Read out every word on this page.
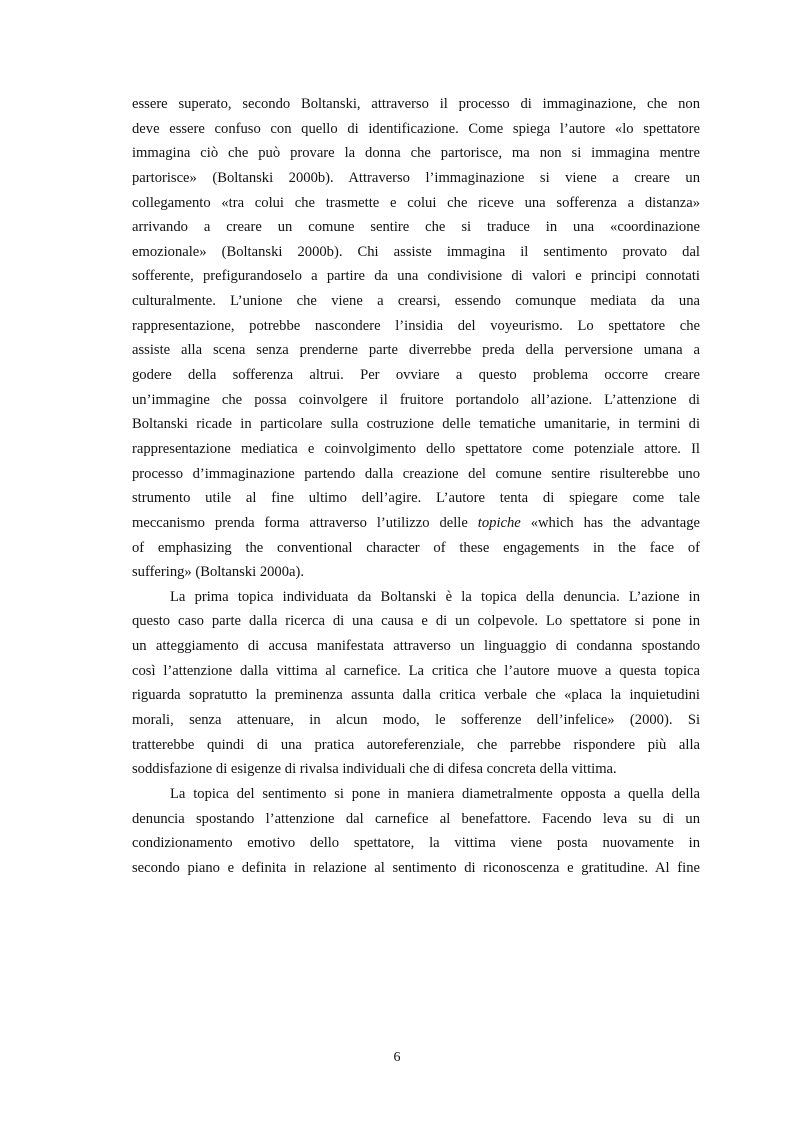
essere superato, secondo Boltanski, attraverso il processo di immaginazione, che non
deve essere confuso con quello di identificazione. Come spiega l’autore «lo spettatore
immagina ciò che può provare la donna che partorisce, ma non si immagina mentre
partorisce» (Boltanski 2000b). Attraverso l’immaginazione si viene a creare un
collegamento «tra colui che trasmette e colui che riceve una sofferenza a distanza»
arrivando a creare un comune sentire che si traduce in una «coordinazione
emozionale» (Boltanski 2000b). Chi assiste immagina il sentimento provato dal
sofferente, prefigurandoselo a partire da una condivisione di valori e principi connotati
culturalmente. L’unione che viene a crearsi, essendo comunque mediata da una
rappresentazione, potrebbe nascondere l’insidia del voyeurismo. Lo spettatore che
assiste alla scena senza prenderne parte diverrebbe preda della perversione umana a
godere della sofferenza altrui. Per ovviare a questo problema occorre creare
un’immagine che possa coinvolgere il fruitore portandolo all’azione. L’attenzione di
Boltanski ricade in particolare sulla costruzione delle tematiche umanitarie, in termini di
rappresentazione mediatica e coinvolgimento dello spettatore come potenziale attore. Il
processo d’immaginazione partendo dalla creazione del comune sentire risulterebbe uno
strumento utile al fine ultimo dell’agire. L’autore tenta di spiegare come tale
meccanismo prenda forma attraverso l’utilizzo delle topiche «which has the advantage
of emphasizing the conventional character of these engagements in the face of
suffering» (Boltanski 2000a).
La prima topica individuata da Boltanski è la topica della denuncia. L’azione in
questo caso parte dalla ricerca di una causa e di un colpevole. Lo spettatore si pone in
un atteggiamento di accusa manifestata attraverso un linguaggio di condanna spostando
così l’attenzione dalla vittima al carnefice. La critica che l’autore muove a questa topica
riguarda sopratutto la preminenza assunta dalla critica verbale che «placa la inquietudini
morali, senza attenuare, in alcun modo, le sofferenze dell’infelice» (2000). Si
tratterebbe quindi di una pratica autoreferenziale, che parrebbe rispondere più alla
soddisfazione di esigenze di rivalsa individuali che di difesa concreta della vittima.
La topica del sentimento si pone in maniera diametralmente opposta a quella della
denuncia spostando l’attenzione dal carnefice al benefattore. Facendo leva su di un
condizionamento emotivo dello spettatore, la vittima viene posta nuovamente in
secondo piano e definita in relazione al sentimento di riconoscenza e gratitudine. Al fine
6
